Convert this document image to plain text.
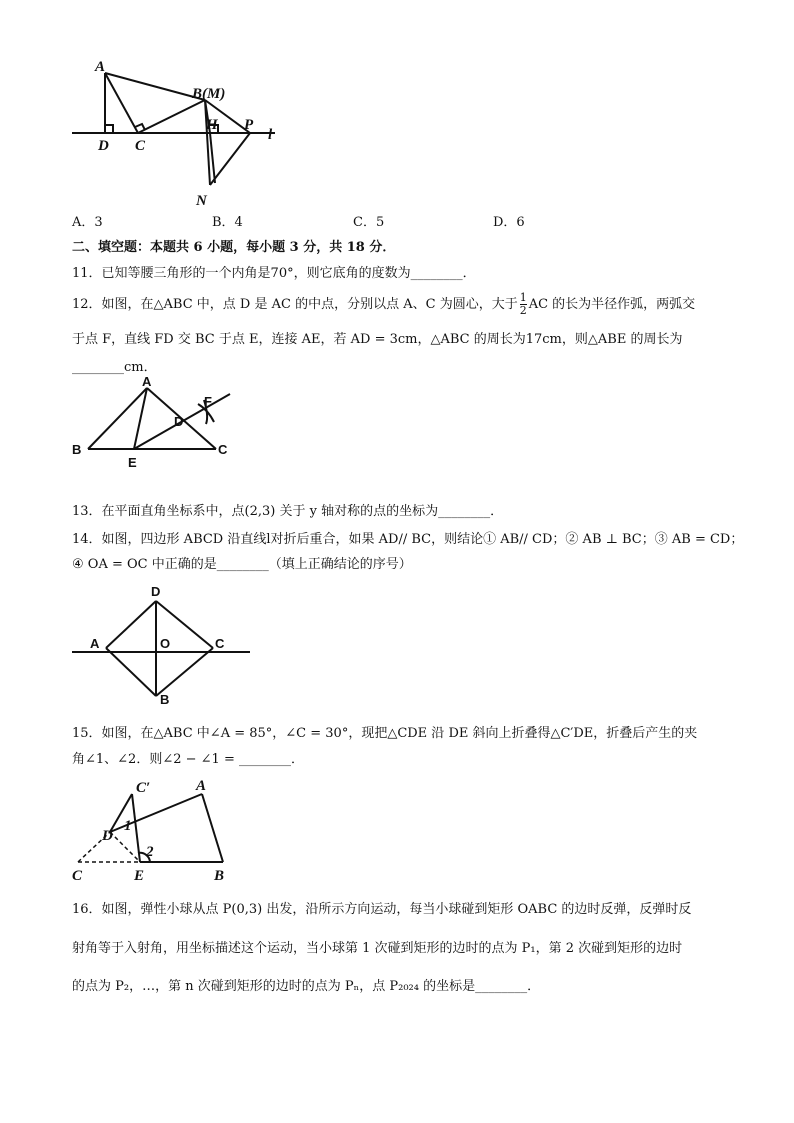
A
B(M)
C
D
H P
l
N
A．3	B．4	C．5	D．6
二、填空题：本题共 6 小题，每小题 3 分，共 18 分．
11．已知等腰三角形的一个内角是70°，则它底角的度数为________．
12．如图，在△ABC 中，点 D 是 AC 的中点，分别以点 A、C 为圆心，大于 $\frac{1}{2}$ AC 的长为半径作弧，两弧交
于点 F，直线 FD 交 BC 于点 E，连接 AE，若 AD = 3cm，△ABC 的周长为17cm，则△ABE 的周长为
________cm．
A
B	C
D
E
F
13．在平面直角坐标系中，点(2,3) 关于 y 轴对称的点的坐标为________．
14．如图，四边形 ABCD 沿直线l对折后重合，如果 AD// BC，则结论① AB// CD；② AB ⊥ BC；③ AB = CD；
④ OA = OC 中正确的是________（填上正确结论的序号）
D
A	O	C
B
15．如图，在△ABC 中∠A = 85°，∠C = 30°，现把△CDE 沿 DE 斜向上折叠得△C′DE，折叠后产生的夹
角∠1、∠2．则∠2 − ∠1 = ________．
C′	A
D
1
2
C	E	B
16．如图，弹性小球从点 P(0,3) 出发，沿所示方向运动，每当小球碰到矩形 OABC 的边时反弹，反弹时反
射角等于入射角，用坐标描述这个运动，当小球第 1 次碰到矩形的边时的点为 P₁，第 2 次碰到矩形的边时
的点为 P₂，…，第 n 次碰到矩形的边时的点为 Pₙ，点 P₂₀₂₄ 的坐标是________．
